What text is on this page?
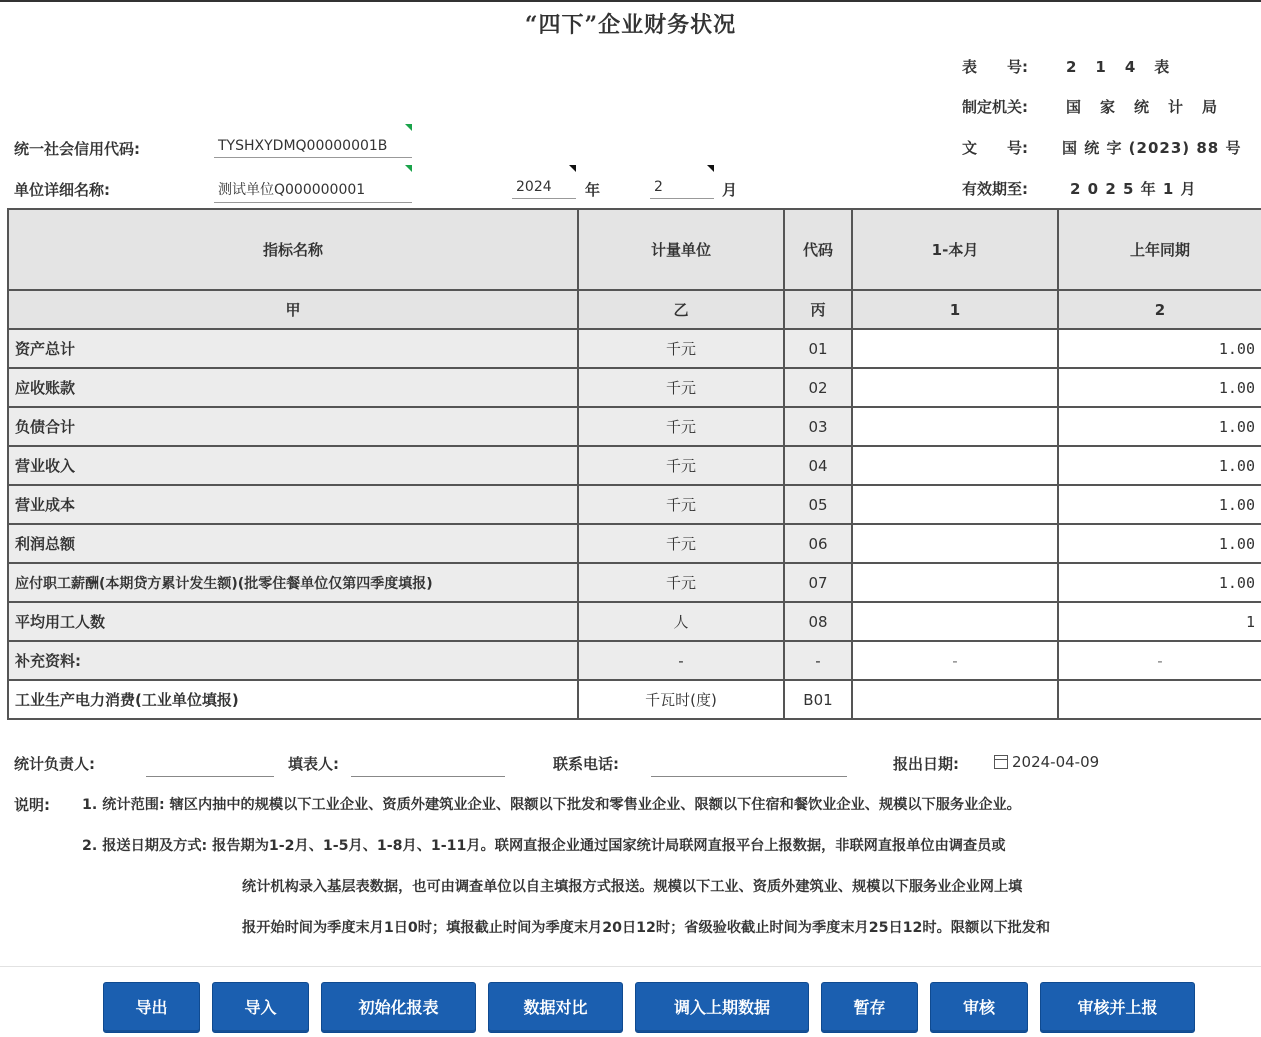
“四下”企业财务状况
表　　号:	2　1　4　表
制定机关:	国　家　统　计　局
文　　号: 国 统 字 (2023) 88 号
有效期至:	2 0 2 5 年 1 月
统一社会信用代码:	TYSHXYDMQ00000001B
单位详细名称:	测试单位Q000000001	2024	年	2	月
指标名称	计量单位	代码	1-本月	上年同期
甲	乙	丙	1	2
资产总计	千元	01		1.00
应收账款	千元	02		1.00
负债合计	千元	03		1.00
营业收入	千元	04		1.00
营业成本	千元	05		1.00
利润总额	千元	06		1.00
应付职工薪酬(本期贷方累计发生额)(批零住餐单位仅第四季度填报)	千元	07		1.00
平均用工人数	人	08		1
补充资料:	-	-	-	-
工业生产电力消费(工业单位填报)	千瓦时(度)	B01		
统计负责人:	填表人:	联系电话:	报出日期:	2024-04-09
说明: 1. 统计范围: 辖区内抽中的规模以下工业企业、资质外建筑业企业、限额以下批发和零售业企业、限额以下住宿和餐饮业企业、规模以下服务业企业。
2. 报送日期及方式: 报告期为1-2月、1-5月、1-8月、1-11月。联网直报企业通过国家统计局联网直报平台上报数据，非联网直报单位由调查员或
统计机构录入基层表数据，也可由调查单位以自主填报方式报送。规模以下工业、资质外建筑业、规模以下服务业企业网上填
报开始时间为季度末月1日0时；填报截止时间为季度末月20日12时；省级验收截止时间为季度末月25日12时。限额以下批发和
导出	导入	初始化报表	数据对比	调入上期数据	暂存	审核	审核并上报
